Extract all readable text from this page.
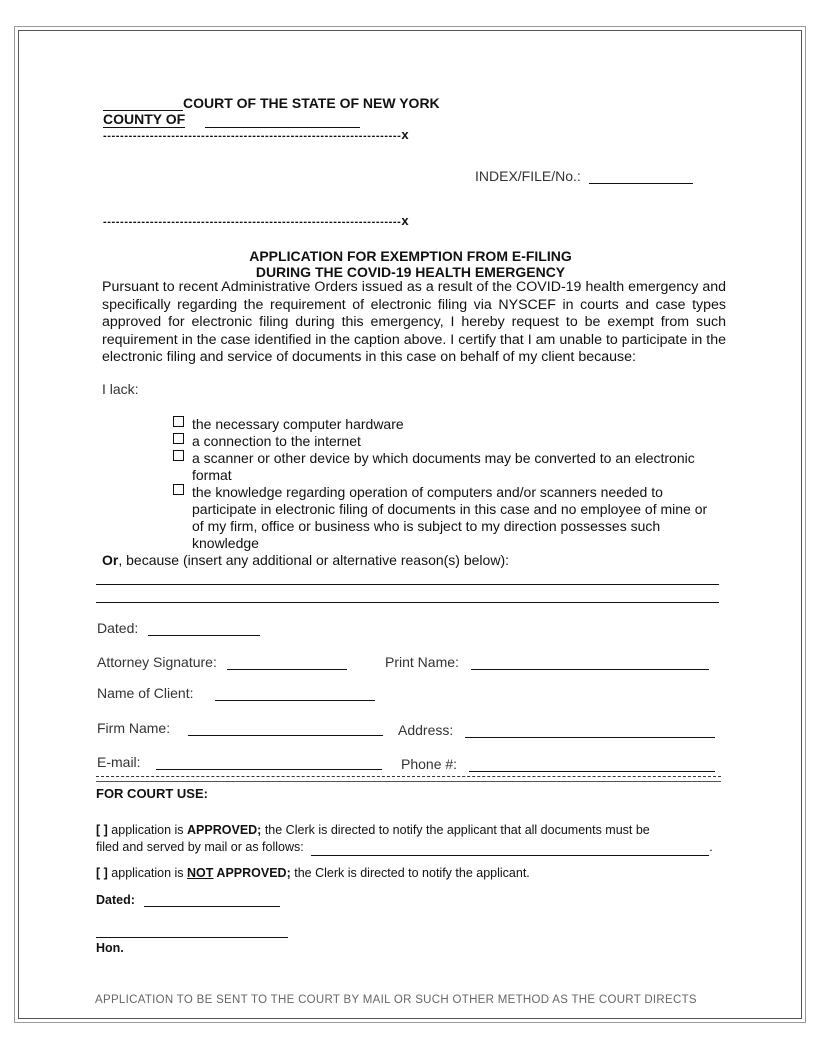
COURT OF THE STATE OF NEW YORK
COUNTY OF
----------------------------------------------------------------------x
INDEX/FILE/No.:
----------------------------------------------------------------------x
APPLICATION FOR EXEMPTION FROM E-FILING
DURING THE COVID-19 HEALTH EMERGENCY
Pursuant to recent Administrative Orders issued as a result of the COVID-19 health emergency and specifically regarding the requirement of electronic filing via NYSCEF in courts and case types approved for electronic filing during this emergency, I hereby request to be exempt from such requirement in the case identified in the caption above. I certify that I am unable to participate in the electronic filing and service of documents in this case on behalf of my client because:
I lack:
the necessary computer hardware
a connection to the internet
a scanner or other device by which documents may be converted to an electronic format
the knowledge regarding operation of computers and/or scanners needed to participate in electronic filing of documents in this case and no employee of mine or of my firm, office or business who is subject to my direction possesses such knowledge
Or, because (insert any additional or alternative reason(s) below):
Dated:
Attorney Signature:	Print Name:
Name of Client:
Firm Name:	Address:
E-mail:	Phone #:
FOR COURT USE:
[ ] application is APPROVED; the Clerk is directed to notify the applicant that all documents must be
filed and served by mail or as follows:	.
[ ] application is NOT APPROVED; the Clerk is directed to notify the applicant.
Dated:
Hon.
APPLICATION TO BE SENT TO THE COURT BY MAIL OR SUCH OTHER METHOD AS THE COURT DIRECTS
